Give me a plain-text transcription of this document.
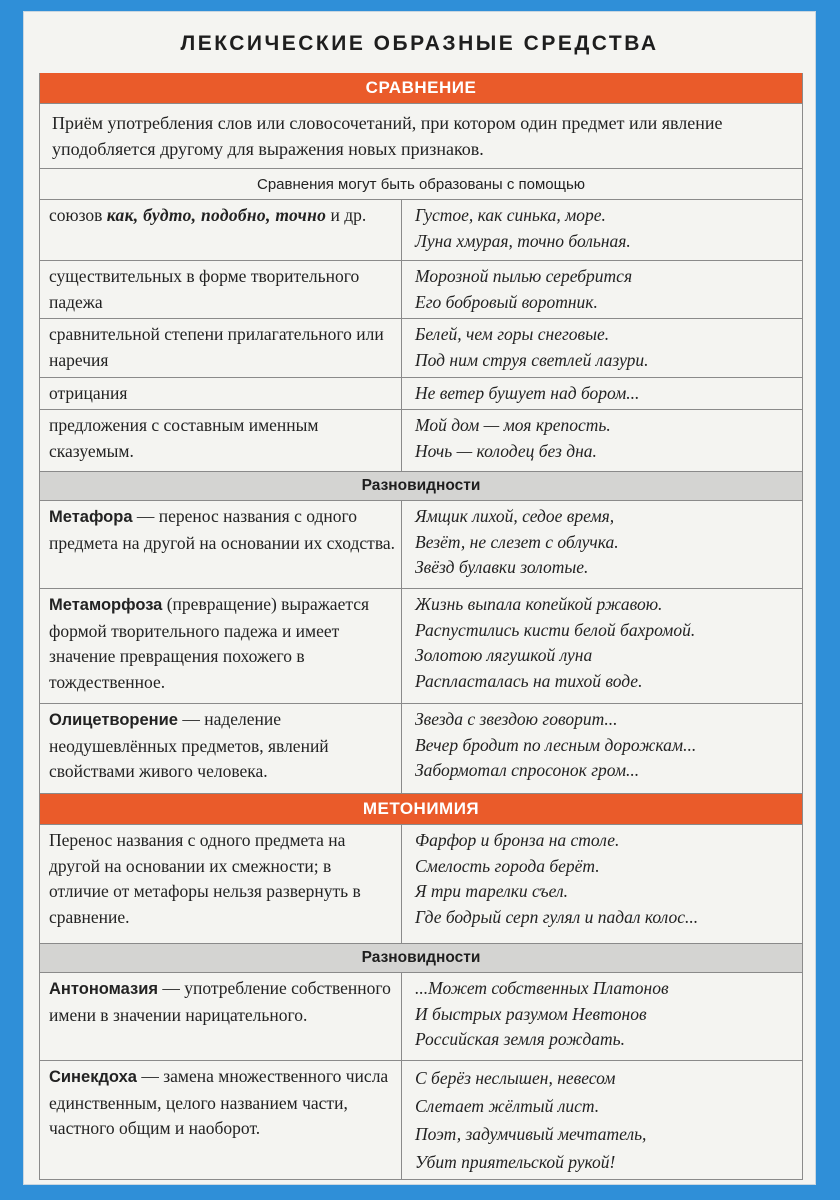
ЛЕКСИЧЕСКИЕ ОБРАЗНЫЕ СРЕДСТВА
СРАВНЕНИЕ
Приём употребления слов или словосочетаний, при котором один предмет или явление уподобляется другому для выражения новых признаков.
Сравнения могут быть образованы с помощью
союзов как, будто, подобно, точно и др.	Густое, как синька, море.
Луна хмурая, точно больная.
существительных в форме творительного падежа
Морозной пылью серебрится
Его бобровый воротник.
сравнительной степени прилагательного или наречия
Белей, чем горы снеговые.
Под ним струя светлей лазури.
отрицания	Не ветер бушует над бором...
предложения с составным именным сказуемым.
Мой дом — моя крепость.
Ночь — колодец без дна.
Разновидности
Метафора — перенос названия с одного предмета на другой на основании их сходства.
Ямщик лихой, седое время,
Везёт, не слезет с облучка.
Звёзд булавки золотые.
Метаморфоза (превращение) выражается формой творительного падежа и имеет значение превращения похожего в тождественное.
Жизнь выпала копейкой ржавою.
Распустились кисти белой бахромой.
Золотою лягушкой луна
Распласталась на тихой воде.
Олицетворение — наделение неодушевлённых предметов, явлений свойствами живого человека.
Звезда с звездою говорит...
Вечер бродит по лесным дорожкам...
Забормотал спросонок гром...
МЕТОНИМИЯ
Перенос названия с одного предмета на другой на основании их смежности; в отличие от метафоры нельзя развернуть в сравнение.
Фарфор и бронза на столе.
Смелость города берёт.
Я три тарелки съел.
Где бодрый серп гулял и падал колос...
Разновидности
Антономазия — употребление собственного имени в значении нарицательного.
...Может собственных Платонов
И быстрых разумом Невтонов
Российская земля рождать.
Синекдоха — замена множественного числа единственным, целого названием части, частного общим и наоборот.
С берёз неслышен, невесом
Слетает жёлтый лист.
Поэт, задумчивый мечтатель,
Убит приятельской рукой!
